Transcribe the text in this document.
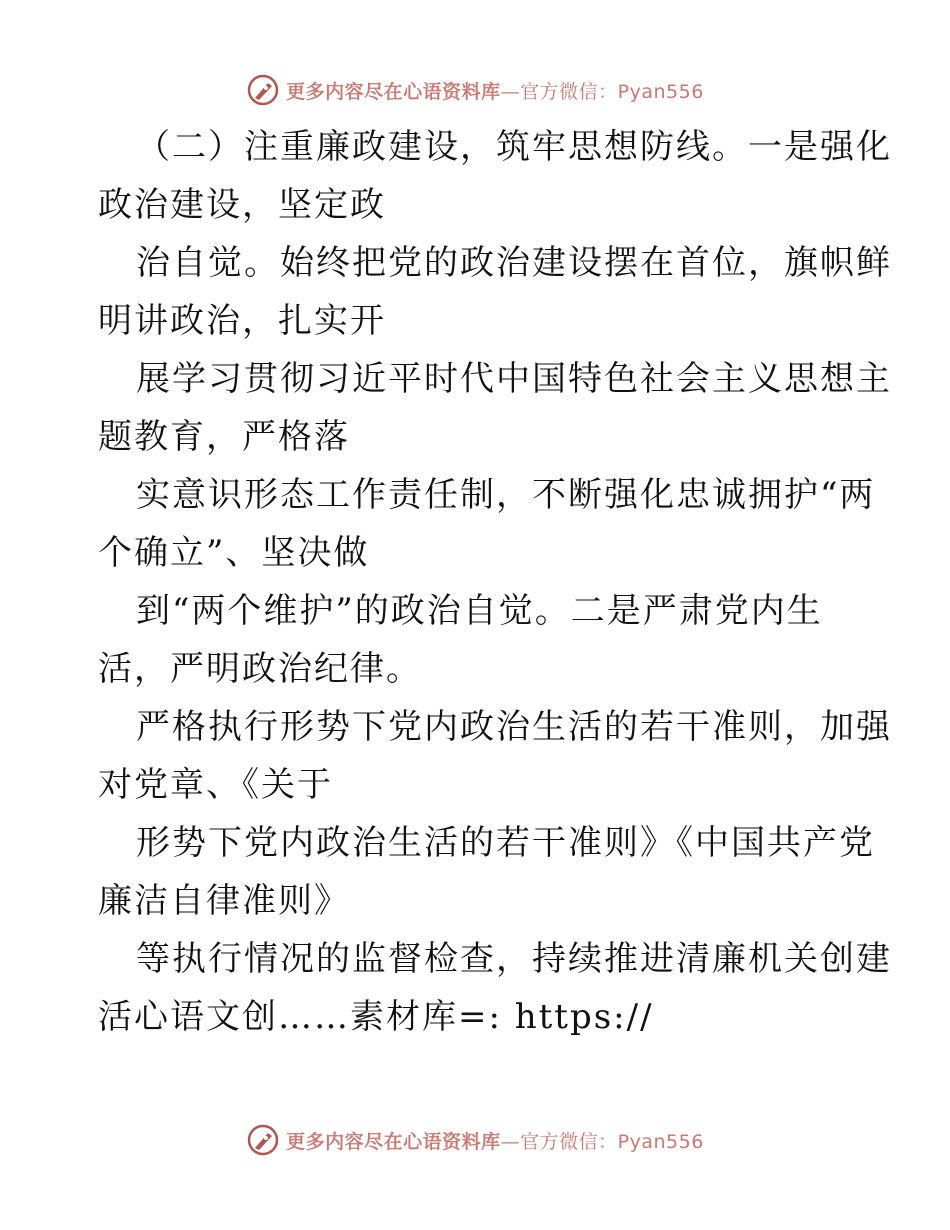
更多内容尽在心语资料库—官方微信：Pyan556
（二）注重廉政建设，筑牢思想防线。一是强化
政治建设，坚定政
治自觉。始终把党的政治建设摆在首位，旗帜鲜
明讲政治，扎实开
展学习贯彻习近平时代中国特色社会主义思想主
题教育，严格落
实意识形态工作责任制，不断强化忠诚拥护“两
个确立”、坚决做
到“两个维护”的政治自觉。二是严肃党内生
活，严明政治纪律。
严格执行形势下党内政治生活的若干准则，加强
对党章、《关于
形势下党内政治生活的若干准则》《中国共产党
廉洁自律准则》
等执行情况的监督检查，持续推进清廉机关创建
活心语文创……素材库=: https://
更多内容尽在心语资料库—官方微信：Pyan556
